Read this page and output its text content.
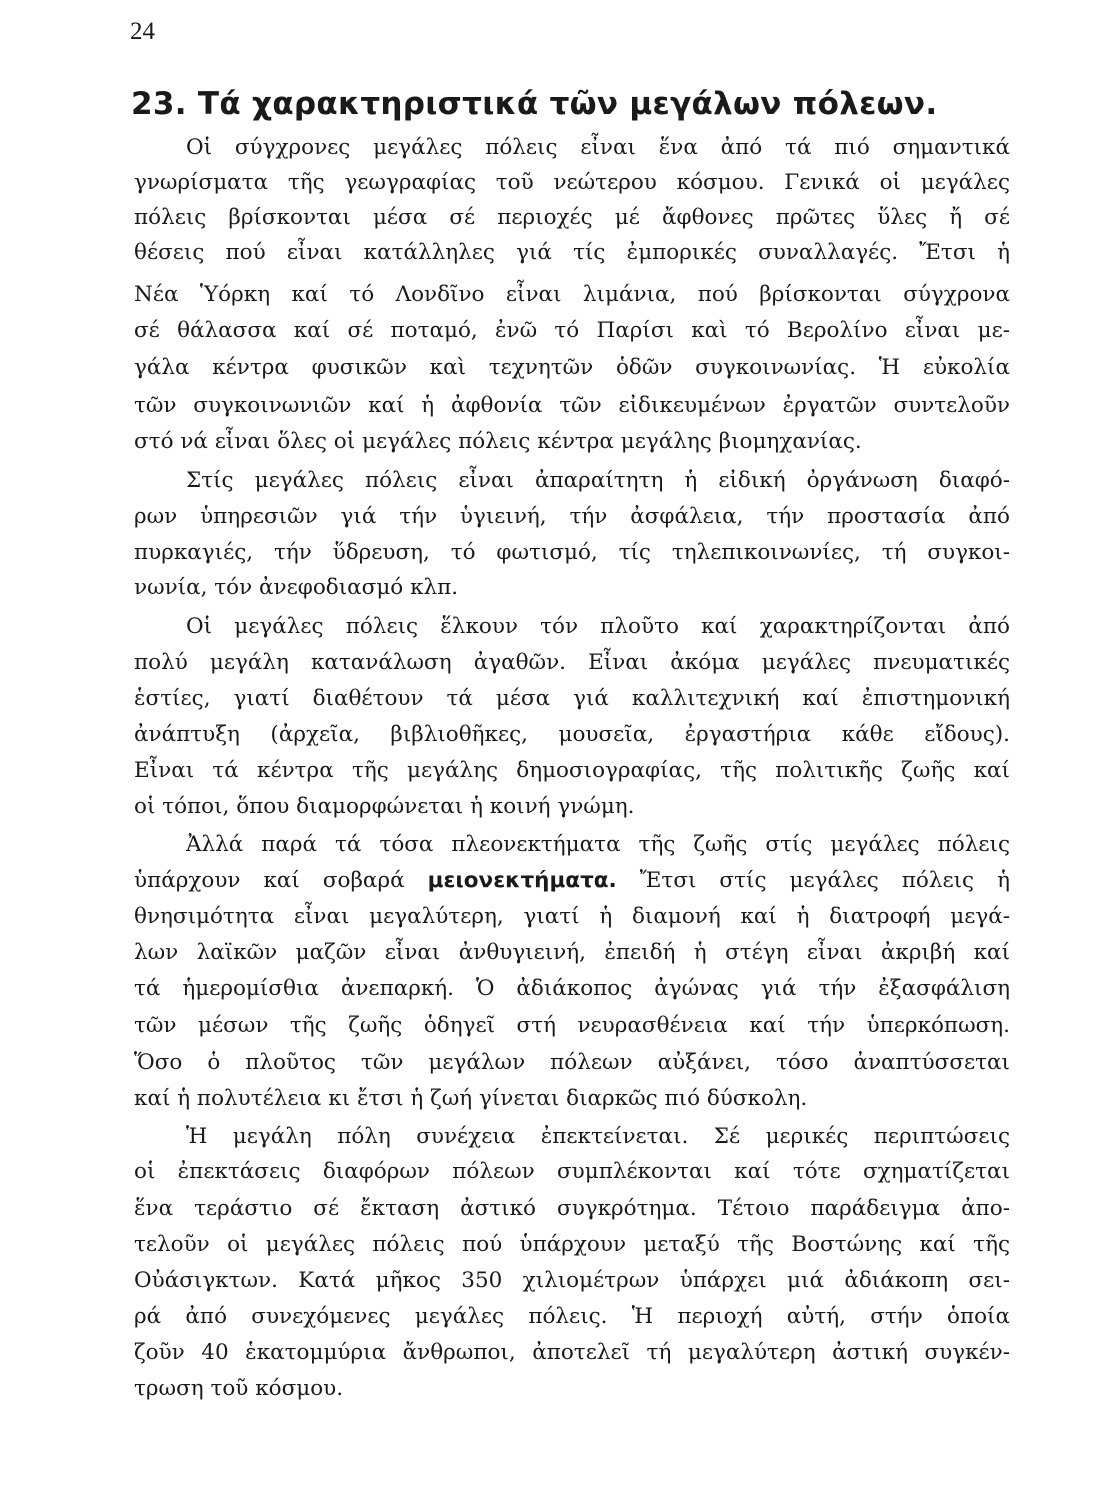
24
23. Τά χαρακτηριστικά τῶν μεγάλων πόλεων.
Οἱ σύγχρονες μεγάλες πόλεις εἶναι ἕνα ἀπό τά πιό σημαντικά
γνωρίσματα τῆς γεωγραφίας τοῦ νεώτερου κόσμου. Γενικά οἱ μεγάλες
πόλεις βρίσκονται μέσα σέ περιοχές μέ ἄφθονες πρῶτες ὕλες ἤ σέ
θέσεις πού εἶναι κατάλληλες γιά τίς ἐμπορικές συναλλαγές. Ἔτσι ἡ
Νέα Ὑόρκη καί τό Λονδῖνο εἶναι λιμάνια, πού βρίσκονται σύγχρονα
σέ θάλασσα καί σέ ποταμό, ἐνῶ τό Παρίσι καὶ τό Βερολίνο εἶναι με-
γάλα κέντρα φυσικῶν καὶ τεχνητῶν ὁδῶν συγκοινωνίας. Ἡ εὐκολία
τῶν συγκοινωνιῶν καί ἡ ἀφθονία τῶν εἰδικευμένων ἐργατῶν συντελοῦν
στό νά εἶναι ὅλες οἱ μεγάλες πόλεις κέντρα μεγάλης βιομηχανίας.
Στίς μεγάλες πόλεις εἶναι ἀπαραίτητη ἡ εἰδική ὀργάνωση διαφό-
ρων ὑπηρεσιῶν γιά τήν ὑγιεινή, τήν ἀσφάλεια, τήν προστασία ἀπό
πυρκαγιές, τήν ὕδρευση, τό φωτισμό, τίς τηλεπικοινωνίες, τή συγκοι-
νωνία, τόν ἀνεφοδιασμό κλπ.
Οἱ μεγάλες πόλεις ἕλκουν τόν πλοῦτο καί χαρακτηρίζονται ἀπό
πολύ μεγάλη κατανάλωση ἀγαθῶν. Εἶναι ἀκόμα μεγάλες πνευματικές
ἑστίες, γιατί διαθέτουν τά μέσα γιά καλλιτεχνική καί ἐπιστημονική
ἀνάπτυξη (ἀρχεῖα, βιβλιοθῆκες, μουσεῖα, ἐργαστήρια κάθε εἴδους).
Εἶναι τά κέντρα τῆς μεγάλης δημοσιογραφίας, τῆς πολιτικῆς ζωῆς καί
οἱ τόποι, ὅπου διαμορφώνεται ἡ κοινή γνώμη.
Ἀλλά παρά τά τόσα πλεονεκτήματα τῆς ζωῆς στίς μεγάλες πόλεις
ὑπάρχουν καί σοβαρά μειονεκτήματα. Ἔτσι στίς μεγάλες πόλεις ἡ
θνησιμότητα εἶναι μεγαλύτερη, γιατί ἡ διαμονή καί ἡ διατροφή μεγά-
λων λαϊκῶν μαζῶν εἶναι ἀνθυγιεινή, ἐπειδή ἡ στέγη εἶναι ἀκριβή καί
τά ἡμερομίσθια ἀνεπαρκή. Ὁ ἀδιάκοπος ἀγώνας γιά τήν ἐξασφάλιση
τῶν μέσων τῆς ζωῆς ὁδηγεῖ στή νευρασθένεια καί τήν ὑπερκόπωση.
Ὅσο ὁ πλοῦτος τῶν μεγάλων πόλεων αὐξάνει, τόσο ἀναπτύσσεται
καί ἡ πολυτέλεια κι ἔτσι ἡ ζωή γίνεται διαρκῶς πιό δύσκολη.
Ἡ μεγάλη πόλη συνέχεια ἐπεκτείνεται. Σέ μερικές περιπτώσεις
οἱ ἐπεκτάσεις διαφόρων πόλεων συμπλέκονται καί τότε σχηματίζεται
ἕνα τεράστιο σέ ἔκταση ἀστικό συγκρότημα. Τέτοιο παράδειγμα ἀπο-
τελοῦν οἱ μεγάλες πόλεις πού ὑπάρχουν μεταξύ τῆς Βοστώνης καί τῆς
Οὐάσιγκτων. Κατά μῆκος 350 χιλιομέτρων ὑπάρχει μιά ἀδιάκοπη σει-
ρά ἀπό συνεχόμενες μεγάλες πόλεις. Ἡ περιοχή αὐτή, στήν ὁποία
ζοῦν 40 ἑκατομμύρια ἄνθρωποι, ἀποτελεῖ τή μεγαλύτερη ἀστική συγκέν-
τρωση τοῦ κόσμου.
